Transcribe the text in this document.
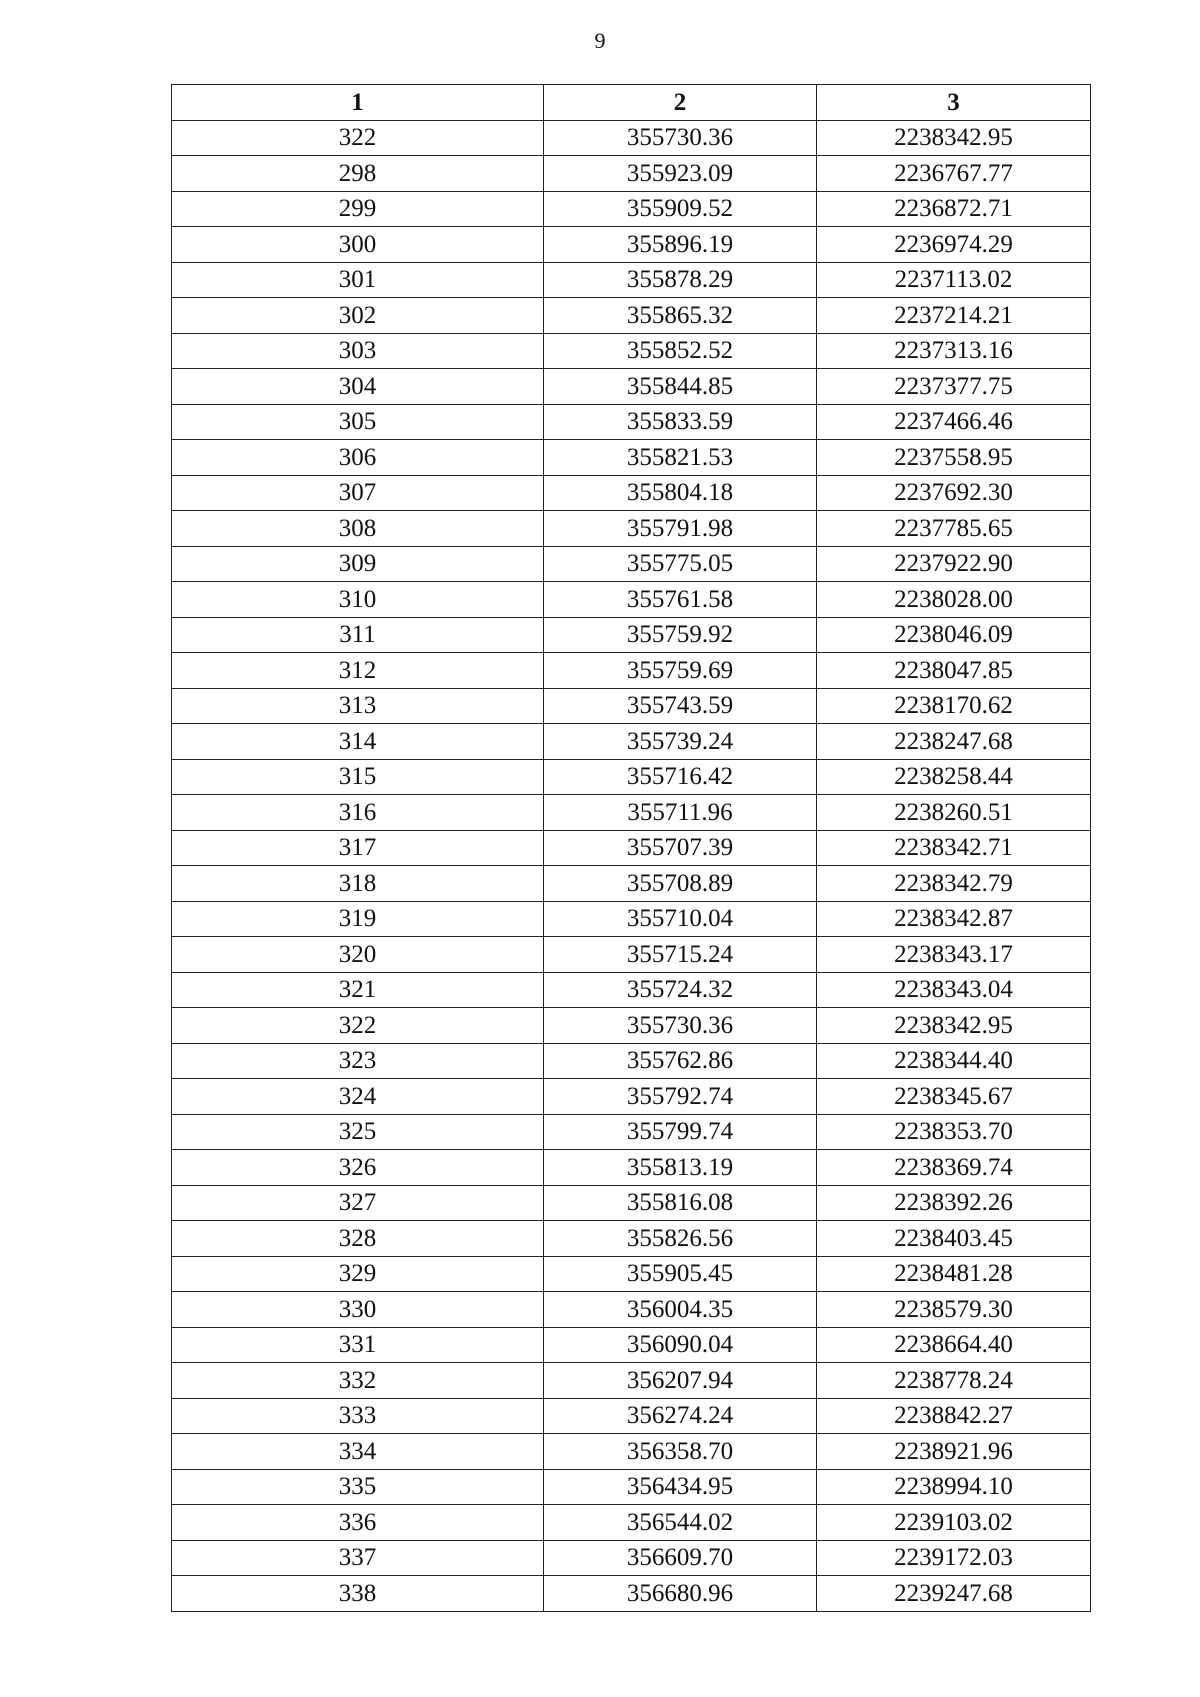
9
1	2	3
322	355730.36	2238342.95
298	355923.09	2236767.77
299	355909.52	2236872.71
300	355896.19	2236974.29
301	355878.29	2237113.02
302	355865.32	2237214.21
303	355852.52	2237313.16
304	355844.85	2237377.75
305	355833.59	2237466.46
306	355821.53	2237558.95
307	355804.18	2237692.30
308	355791.98	2237785.65
309	355775.05	2237922.90
310	355761.58	2238028.00
311	355759.92	2238046.09
312	355759.69	2238047.85
313	355743.59	2238170.62
314	355739.24	2238247.68
315	355716.42	2238258.44
316	355711.96	2238260.51
317	355707.39	2238342.71
318	355708.89	2238342.79
319	355710.04	2238342.87
320	355715.24	2238343.17
321	355724.32	2238343.04
322	355730.36	2238342.95
323	355762.86	2238344.40
324	355792.74	2238345.67
325	355799.74	2238353.70
326	355813.19	2238369.74
327	355816.08	2238392.26
328	355826.56	2238403.45
329	355905.45	2238481.28
330	356004.35	2238579.30
331	356090.04	2238664.40
332	356207.94	2238778.24
333	356274.24	2238842.27
334	356358.70	2238921.96
335	356434.95	2238994.10
336	356544.02	2239103.02
337	356609.70	2239172.03
338	356680.96	2239247.68
